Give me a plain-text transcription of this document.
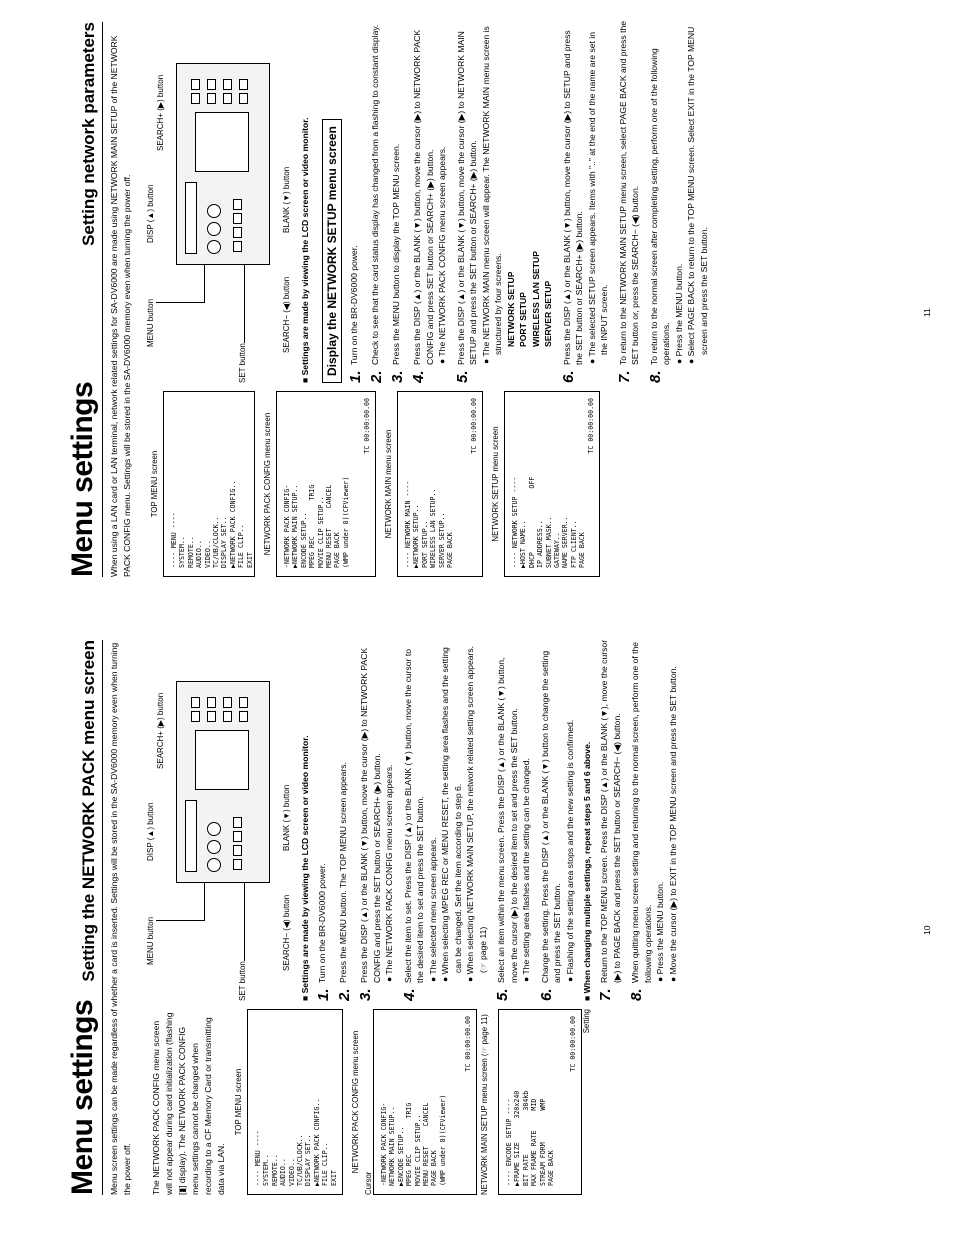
Menu settings
Setting the NETWORK PACK menu screen Menu screen settings can be made regardless of whether a card is inserted. Settings will be stored in the SA-DV6000 memory even when turning the power off. The NETWORK PACK CONFIG menu screen will not appear during card initialization (flashing [▮] display). The NETWORK PACK CONFIG menu settings cannot be changed when recording to a CF Memory Card or transmitting data via LAN.
TOP MENU screen
---- MENU ---- SYSTEM.. REMOTE.. AUDIO.. VIDEO.. TC/UB/CLOCK.. DISPLAY SET.. ▶NETWORK PACK CONFIG.. FILE CLIP.. EXIT
NETWORK PACK CONFIG menu screen
Cursor -NETWORK PACK CONFIG- NETWORK MAIN SETUP.. ▶ENCODE SETUP.. MPEG REC         TRIG MOVIE CLIP SETUP.. MENU RESET     CANCEL PAGE BACK (WMP under 8)(CFViewer)
TC 00:00:00.00 NETWORK MAIN SETUP menu screen (☞ page 11) ---- ENCODE SETUP ---- ▶FRAME SIZE      320x240 BIT RATE           384kb MAX FRAME RATE     MID STREAM FORM        WMP PAGE BACK
TC 00:00:00.00 Setting
MENU button
DISP (▲) button
SEARCH+ (▶) button
SET button
SEARCH− (◀) button
BLANK (▼) button ■ Settings are made by viewing the LCD screen or video monitor. 1.
Turn on the BR-DV6000 power.
2.
Press the MENU button. The TOP MENU screen appears.
3.
Press the DISP (▲) or the BLANK (▼) button, move the cursor (▶) to NETWORK PACK CONFIG and press the SET button or SEARCH+ (▶) button. ● The NETWORK PACK CONFIG menu screen appears.
4.
Select the item to set. Press the DISP (▲) or the BLANK (▼) button, move the cursor to the desired item to set and press the SET button. ● The selected menu screen appears.
● When selecting MPEG REC or MENU RESET, the setting area flashes and the setting can be changed. Set the item according to step 6.
● When selecting NETWORK MAIN SETUP, the network related setting screen appears. (☞ page 11)
5.
Select an item within the menu screen. Press the DISP (▲) or the BLANK (▼) button, move the cursor (▶) to the desired item to set and press the SET button. ● The setting area flashes and the setting can be changed.
6.
Change the setting. Press the DISP (▲) or the BLANK (▼) button to change the setting and press the SET button. ● Flashing of the setting area stops and the new setting is confirmed. ■ When changing multiple settings, repeat steps 5 and 6 above. 7.
Return to the TOP MENU screen. Press the DISP (▲) or the BLANK (▼), move the cursor (▶) to PAGE BACK and press the SET button or SEARCH− (◀) button.
8.
When quitting menu screen setting and returning to the normal screen, perform one of the following operations. ● Press the MENU button.
● Move the cursor (▶) to EXIT in the TOP MENU screen and press the SET button.	10
Menu settings
Setting network parameters When using a LAN card or LAN terminal, network related settings for SA-DV6000 are made using NETWORK MAIN SETUP of the NETWORK PACK CONFIG menu. Settings will be stored in the SA-DV6000 memory even when turning the power off. TOP MENU screen
---- MENU ---- SYSTEM.. REMOTE.. AUDIO.. VIDEO.. TC/UB/CLOCK.. DISPLAY SET.. ▶NETWORK PACK CONFIG.. FILE CLIP.. EXIT
NETWORK PACK CONFIG menu screen -NETWORK PACK CONFIG- ▶NETWORK MAIN SETUP.. ENCODE SETUP.. MPEG REC         TRIG MOVIE CLIP SETUP.. MENU RESET     CANCEL PAGE BACK (WMP under 8)(CFViewer)
TC 00:00:00.00
NETWORK MAIN menu screen ---- NETWORK MAIN ---- ▶NETWORK SETUP.. PORT SETUP.. WIRELESS LAN SETUP.. SERVER SETUP.. PAGE BACK
TC 00:00:00.00
NETWORK SETUP menu screen ---- NETWORK SETUP ---- ▶HOST NAME.. DHCP                OFF IP ADDRESS.. SUBNET MASK.. GATEWAY.. NAME SERVER.. FTP CLIENT.. PAGE BACK
TC 00:00:00.00
MENU button
DISP (▲) button
SEARCH+ (▶) button
SET button
SEARCH− (◀) button
BLANK (▼) button ■ Settings are made by viewing the LCD screen or video monitor. Display the NETWORK SETUP menu screen
1.
Turn on the BR-DV6000 power.
2.
Check to see that the card status display has changed from a flashing to constant display.
3.
Press the MENU button to display the TOP MENU screen.
4.
Press the DISP (▲) or the BLANK (▼) button, move the cursor (▶) to NETWORK PACK CONFIG and press SET button or SEARCH+ (▶) button. ● The NETWORK PACK CONFIG menu screen appears.
5.
Press the DISP (▲) or the BLANK (▼) button, move the cursor (▶) to NETWORK MAIN SETUP and press the SET button or SEARCH+ (▶) button. ● The NETWORK MAIN menu screen will appear. The NETWORK MAIN menu screen is structured by four screens. NETWORK SETUP PORT SETUP WIRELESS LAN SETUP SERVER SETUP
6.
Press the DISP (▲) or the BLANK (▼) button, move the cursor (▶) to SETUP and press the SET button or SEARCH+ (▶) button. ● The selected SETUP screen appears. Items with ".." at the end of the name are set in the INPUT screen.
7.
To return to the NETWORK MAIN SETUP menu screen, select PAGE BACK and press the SET button or, press the SEARCH− (◀) button.
8.
To return to the normal screen after completing setting, perform one of the following operations. ● Press the MENU button.
● Select PAGE BACK to return to the TOP MENU screen. Select EXIT in the TOP MENU screen and press the SET button.	11
